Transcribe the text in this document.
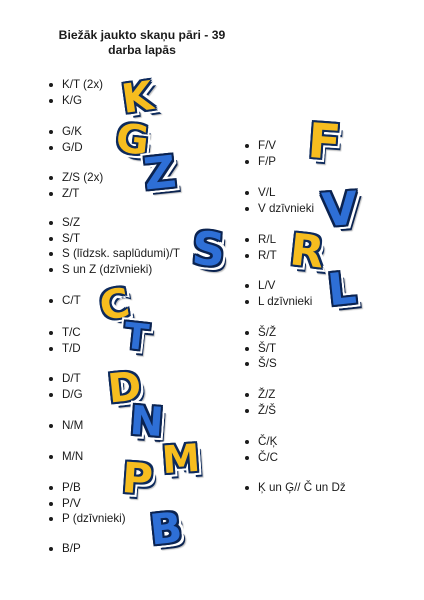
Biežāk jaukto skaņu pāri - 39
darba lapās
K/T (2x)
K/G
G/K
G/D
Z/S (2x)
Z/T
S/Z
S/T
S (līdzsk. saplūdumi)/T
S un Z (dzīvnieki)
C/T
T/C
T/D
D/T
D/G
N/M
M/N
P/B
P/V
P (dzīvnieki)
B/P
F/V
F/P
V/L
V dzīvnieki
R/L
R/T
L/V
L dzīvnieki
Š/Ž
Š/T
Š/S
Ž/Z
Ž/Š
Č/Ķ
Č/C
Ķ un Ģ// Č un Dž
K
G
Z
S
C
T
D
N
M
P
B
F
V
R
L
